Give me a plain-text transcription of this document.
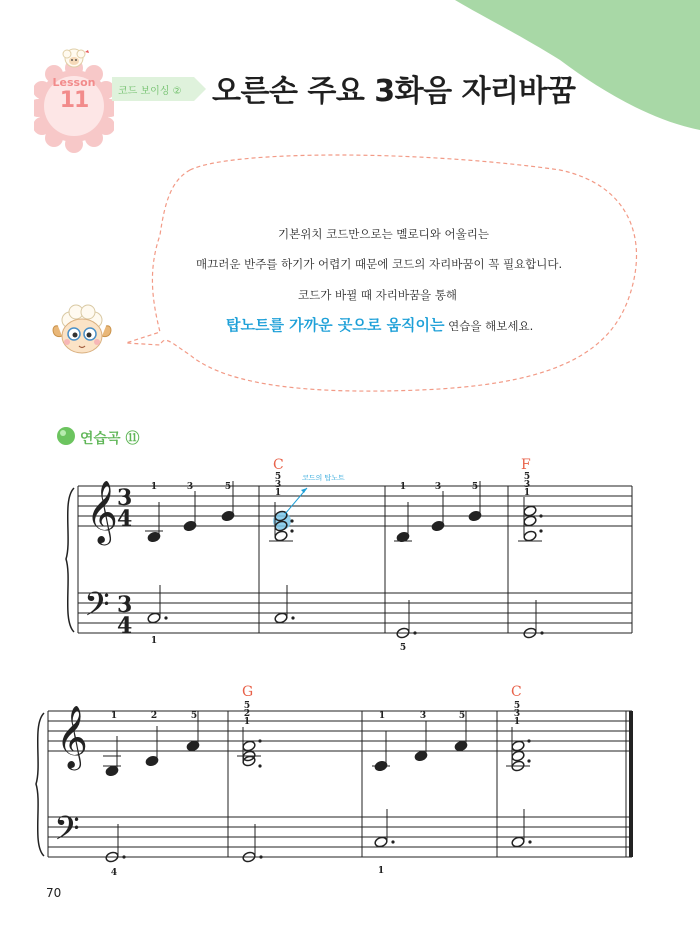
Lesson
11	코드 보이싱 ② 오른손 주요 3화음 자리바꿈
기본위치 코드만으로는 멜로디와 어울리는
매끄러운 반주를 하기가 어렵기 때문에 코드의 자리바꿈이 꼭 필요합니다.
코드가 바뀔 때 자리바꿈을 통해
탑노트를 가까운 곳으로 움직이는 연습을 해보세요.
연습곡 ⑪
𝄞
𝄢
3
4
3
4
코드의 탑노트
C	F
1	3	5
5
3
1
1	3	5
5
3
1
1
5
𝄞
𝄢
G	C
1	2	5
5
2
1
1	3	5
5
3
1
4	1
70
